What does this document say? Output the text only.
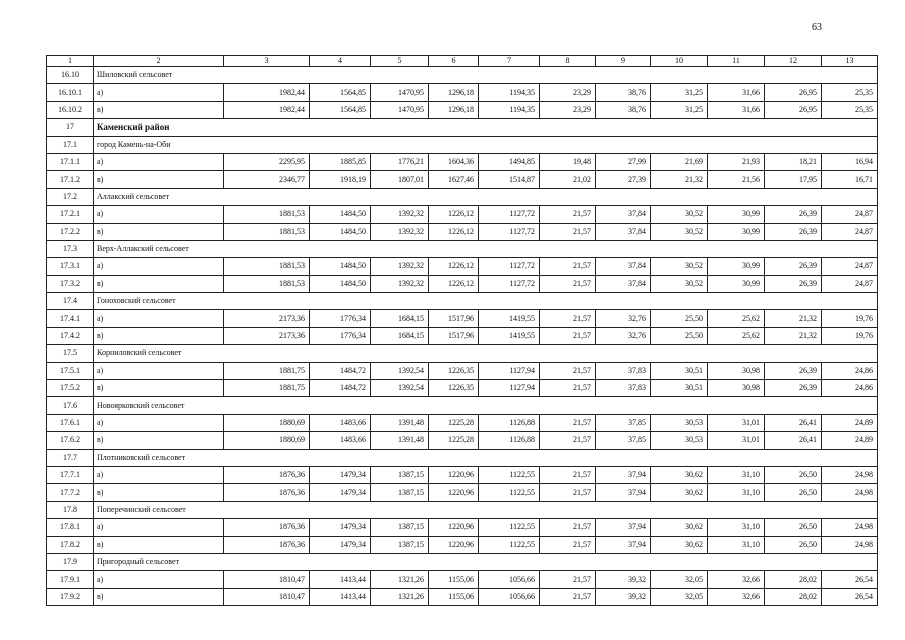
63
1	2	3	4	5	6	7	8	9	10	11	12	13
16.10	Шиловский сельсовет											
16.10.1	а)	1982,44	1564,85	1470,95	1296,18	1194,35	23,29	38,76	31,25	31,66	26,95	25,35
16.10.2	в)	1982,44	1564,85	1470,95	1296,18	1194,35	23,29	38,76	31,25	31,66	26,95	25,35
17	Каменский район											
17.1	город Камень-на-Оби											
17.1.1	а)	2295,95	1885,85	1776,21	1604,36	1494,85	19,48	27,99	21,69	21,93	18,21	16,94
17.1.2	в)	2346,77	1918,19	1807,01	1627,46	1514,87	21,02	27,39	21,32	21,56	17,95	16,71
17.2	Аллакский сельсовет											
17.2.1	а)	1881,53	1484,50	1392,32	1226,12	1127,72	21,57	37,84	30,52	30,99	26,39	24,87
17.2.2	в)	1881,53	1484,50	1392,32	1226,12	1127,72	21,57	37,84	30,52	30,99	26,39	24,87
17.3	Верх-Аллакский сельсовет											
17.3.1	а)	1881,53	1484,50	1392,32	1226,12	1127,72	21,57	37,84	30,52	30,99	26,39	24,87
17.3.2	в)	1881,53	1484,50	1392,32	1226,12	1127,72	21,57	37,84	30,52	30,99	26,39	24,87
17.4	Гоноховский сельсовет											
17.4.1	а)	2173,36	1776,34	1684,15	1517,96	1419,55	21,57	32,76	25,50	25,62	21,32	19,76
17.4.2	в)	2173,36	1776,34	1684,15	1517,96	1419,55	21,57	32,76	25,50	25,62	21,32	19,76
17.5	Корниловский сельсовет											
17.5.1	а)	1881,75	1484,72	1392,54	1226,35	1127,94	21,57	37,83	30,51	30,98	26,39	24,86
17.5.2	в)	1881,75	1484,72	1392,54	1226,35	1127,94	21,57	37,83	30,51	30,98	26,39	24,86
17.6	Новоярковский сельсовет											
17.6.1	а)	1880,69	1483,66	1391,48	1225,28	1126,88	21,57	37,85	30,53	31,01	26,41	24,89
17.6.2	в)	1880,69	1483,66	1391,48	1225,28	1126,88	21,57	37,85	30,53	31,01	26,41	24,89
17.7	Плотниковский сельсовет											
17.7.1	а)	1876,36	1479,34	1387,15	1220,96	1122,55	21,57	37,94	30,62	31,10	26,50	24,98
17.7.2	в)	1876,36	1479,34	1387,15	1220,96	1122,55	21,57	37,94	30,62	31,10	26,50	24,98
17.8	Поперечинский сельсовет											
17.8.1	а)	1876,36	1479,34	1387,15	1220,96	1122,55	21,57	37,94	30,62	31,10	26,50	24,98
17.8.2	в)	1876,36	1479,34	1387,15	1220,96	1122,55	21,57	37,94	30,62	31,10	26,50	24,98
17.9	Пригородный сельсовет											
17.9.1	а)	1810,47	1413,44	1321,26	1155,06	1056,66	21,57	39,32	32,05	32,66	28,02	26,54
17.9.2	в)	1810,47	1413,44	1321,26	1155,06	1056,66	21,57	39,32	32,05	32,66	28,02	26,54
